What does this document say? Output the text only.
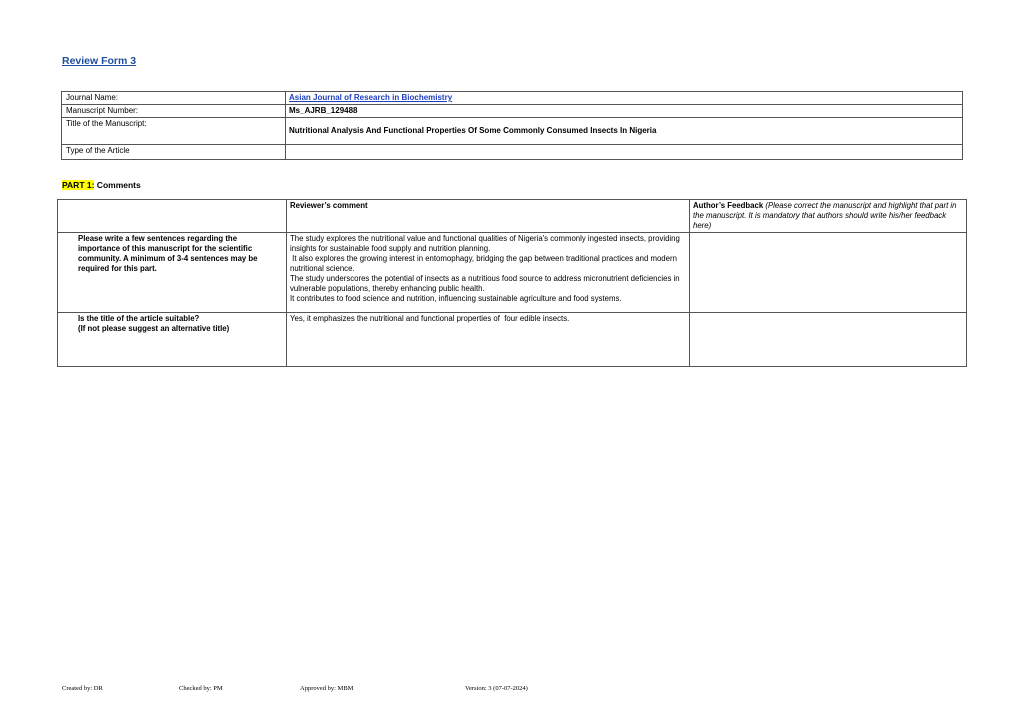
Review Form 3
Journal Name:	Asian Journal of Research in Biochemistry
Manuscript Number:	Ms_AJRB_129488
Title of the Manuscript:	Nutritional Analysis And Functional Properties Of Some Commonly Consumed Insects In Nigeria
Type of the Article	
PART 1: Comments
	Reviewer’s comment	Author’s Feedback (Please correct the manuscript and highlight that part in the manuscript. It is mandatory that authors should write his/her feedback here)
Please write a few sentences regarding the importance of this manuscript for the scientific community. A minimum of 3-4 sentences may be required for this part.	The study explores the nutritional value and functional qualities of Nigeria's commonly ingested insects, providing insights for sustainable food supply and nutrition planning.
It also explores the growing interest in entomophagy, bridging the gap between traditional practices and modern nutritional science.
The study underscores the potential of insects as a nutritious food source to address micronutrient deficiencies in vulnerable populations, thereby enhancing public health.
It contributes to food science and nutrition, influencing sustainable agriculture and food systems.	

Is the title of the article suitable?
(If not please suggest an alternative title)	Yes, it emphasizes the nutritional and functional properties of  four edible insects.	
Created by: DR	Checked by: PM	Approved by: MBM	Version: 3 (07-07-2024)
